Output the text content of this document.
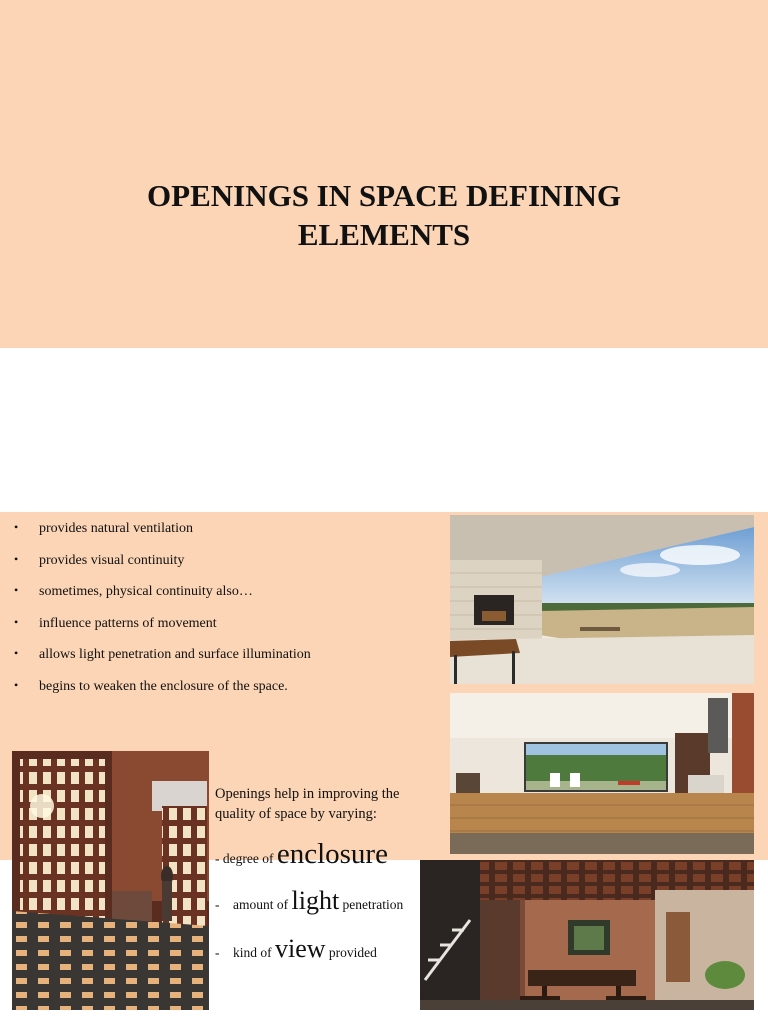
OPENINGS IN SPACE DEFINING ELEMENTS
• provides natural ventilation
• provides visual continuity
• sometimes, physical continuity also…
• influence patterns of movement
• allows light penetration and surface illumination
• begins to weaken the enclosure of the space.

Openings help in improving the quality of space by varying:

- degree of enclosure
-    amount of light penetration
-    kind of view provided
